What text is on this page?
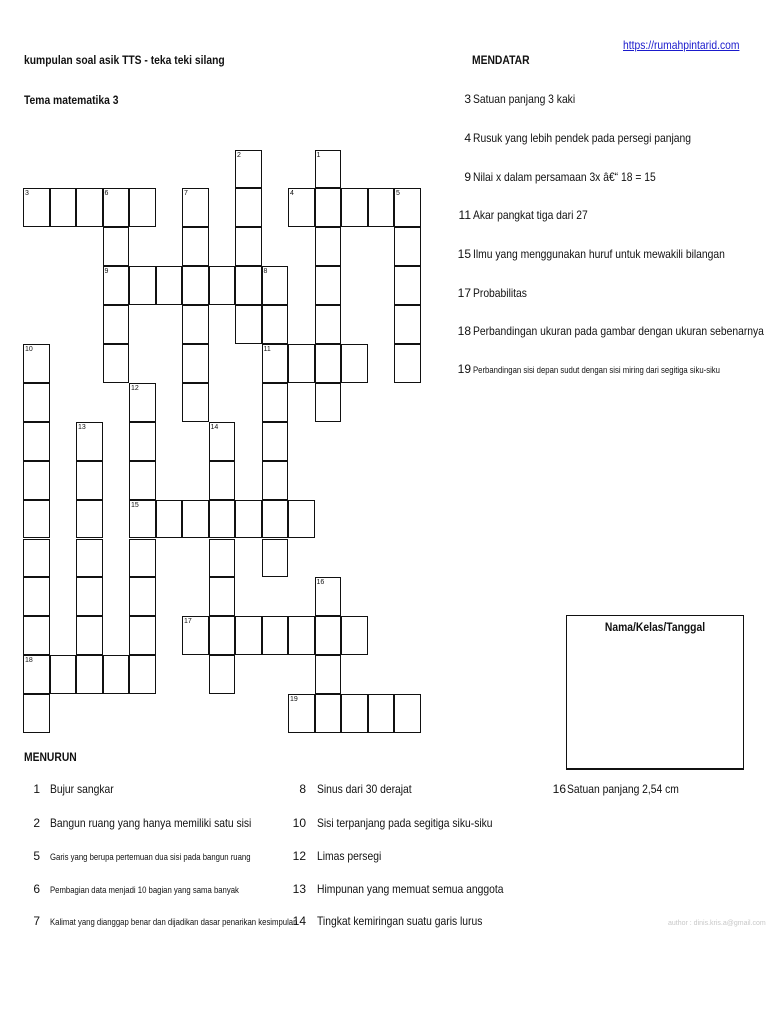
kumpulan soal asik TTS - teka teki silang
Tema matematika 3
https://rumahpintarid.com
MENDATAR
3 Satuan panjang 3 kaki
4 Rusuk yang lebih pendek pada persegi panjang
9 Nilai x dalam persamaan 3x â€“ 18 = 15
11 Akar pangkat tiga dari 27
15 Ilmu yang menggunakan huruf untuk mewakili bilangan
17 Probabilitas
18 Perbandingan ukuran pada gambar dengan ukuran sebenarnya
19 Perbandingan sisi depan sudut dengan sisi miring dari segitiga siku-siku
3	6	4	5
9	8
11
15
17
18
19
1
2
7
10
12
13	14
16
Nama/Kelas/Tanggal
MENURUN
1 Bujur sangkar
2 Bangun ruang yang hanya memiliki satu sisi
5 Garis yang berupa pertemuan dua sisi pada bangun ruang
6 Pembagian data menjadi 10 bagian yang sama banyak
7 Kalimat yang dianggap benar dan dijadikan dasar penarikan kesimpulan
8 Sinus dari 30 derajat
10 Sisi terpanjang pada segitiga siku-siku
12 Limas persegi
13 Himpunan yang memuat semua anggota
14 Tingkat kemiringan suatu garis lurus
16 Satuan panjang 2,54 cm
author : dinis.kris.a@gmail.com
